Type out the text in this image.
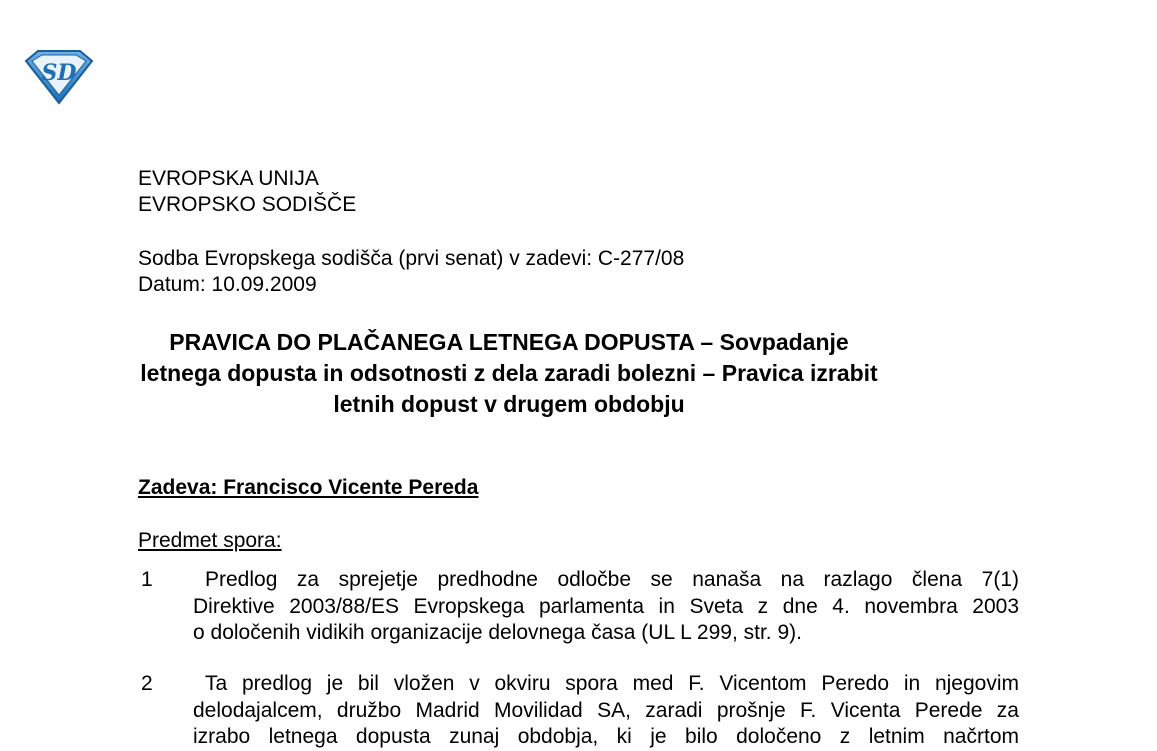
SD
EVROPSKA UNIJA
EVROPSKO SODIŠČE
Sodba Evropskega sodišča (prvi senat) v zadevi: C-277/08
Datum: 10.09.2009
PRAVICA DO PLAČANEGA LETNEGA DOPUSTA – Sovpadanje
letnega dopusta in odsotnosti z dela zaradi bolezni – Pravica izrabit
letnih dopust v drugem obdobju
Zadeva: Francisco Vicente Pereda
Predmet spora:
1	Predlog za sprejetje predhodne odločbe se nanaša na razlago člena 7(1)
Direktive 2003/88/ES Evropskega parlamenta in Sveta z dne 4. novembra 2003
o določenih vidikih organizacije delovnega časa (UL L 299, str. 9).
2	Ta predlog je bil vložen v okviru spora med F. Vicentom Peredo in njegovim
delodajalcem, družbo Madrid Movilidad SA, zaradi prošnje F. Vicenta Perede za
izrabo letnega dopusta zunaj obdobja, ki je bilo določeno z letnim načrtom
